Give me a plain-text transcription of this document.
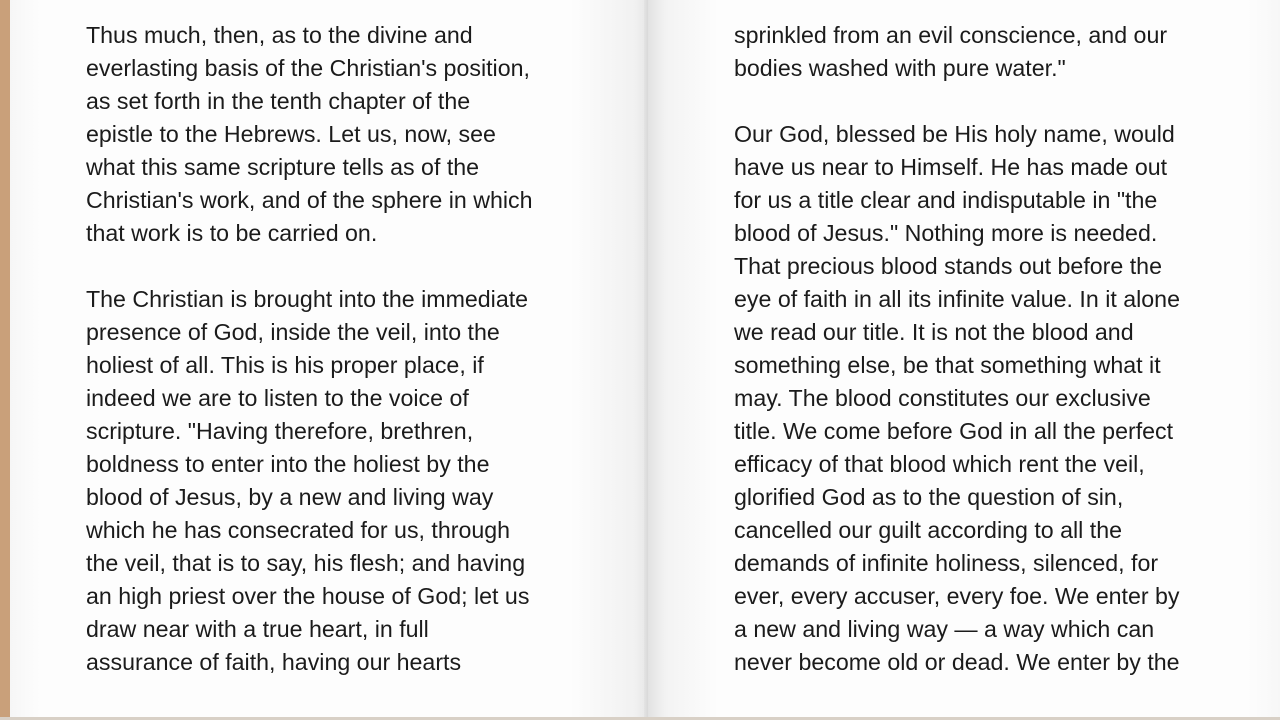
Thus much, then, as to the divine and
everlasting basis of the Christian's position,
as set forth in the tenth chapter of the
epistle to the Hebrews. Let us, now, see
what this same scripture tells as of the
Christian's work, and of the sphere in which
that work is to be carried on.
The Christian is brought into the immediate
presence of God, inside the veil, into the
holiest of all. This is his proper place, if
indeed we are to listen to the voice of
scripture. "Having therefore, brethren,
boldness to enter into the holiest by the
blood of Jesus, by a new and living way
which he has consecrated for us, through
the veil, that is to say, his flesh; and having
an high priest over the house of God; let us
draw near with a true heart, in full
assurance of faith, having our hearts
sprinkled from an evil conscience, and our
bodies washed with pure water."
Our God, blessed be His holy name, would
have us near to Himself. He has made out
for us a title clear and indisputable in "the
blood of Jesus." Nothing more is needed.
That precious blood stands out before the
eye of faith in all its infinite value. In it alone
we read our title. It is not the blood and
something else, be that something what it
may. The blood constitutes our exclusive
title. We come before God in all the perfect
efficacy of that blood which rent the veil,
glorified God as to the question of sin,
cancelled our guilt according to all the
demands of infinite holiness, silenced, for
ever, every accuser, every foe. We enter by
a new and living way — a way which can
never become old or dead. We enter by the
